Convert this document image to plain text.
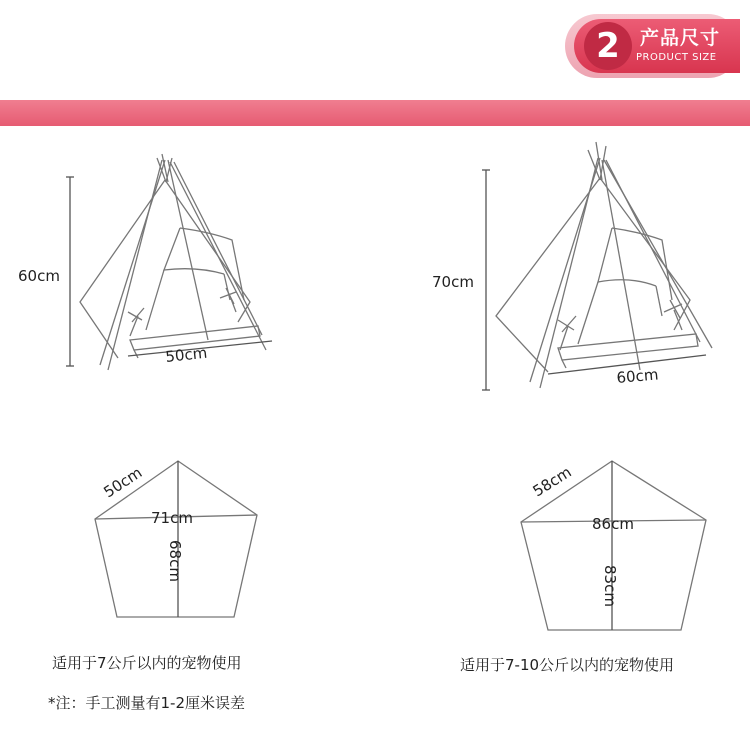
2	产品尺寸
PRODUCT SIZE
60cm
50cm
50cm
71cm
68cm
70cm
60cm
58cm
86cm
83cm
适用于7公斤以内的宠物使用	适用于7-10公斤以内的宠物使用
*注：手工测量有1-2厘米误差
